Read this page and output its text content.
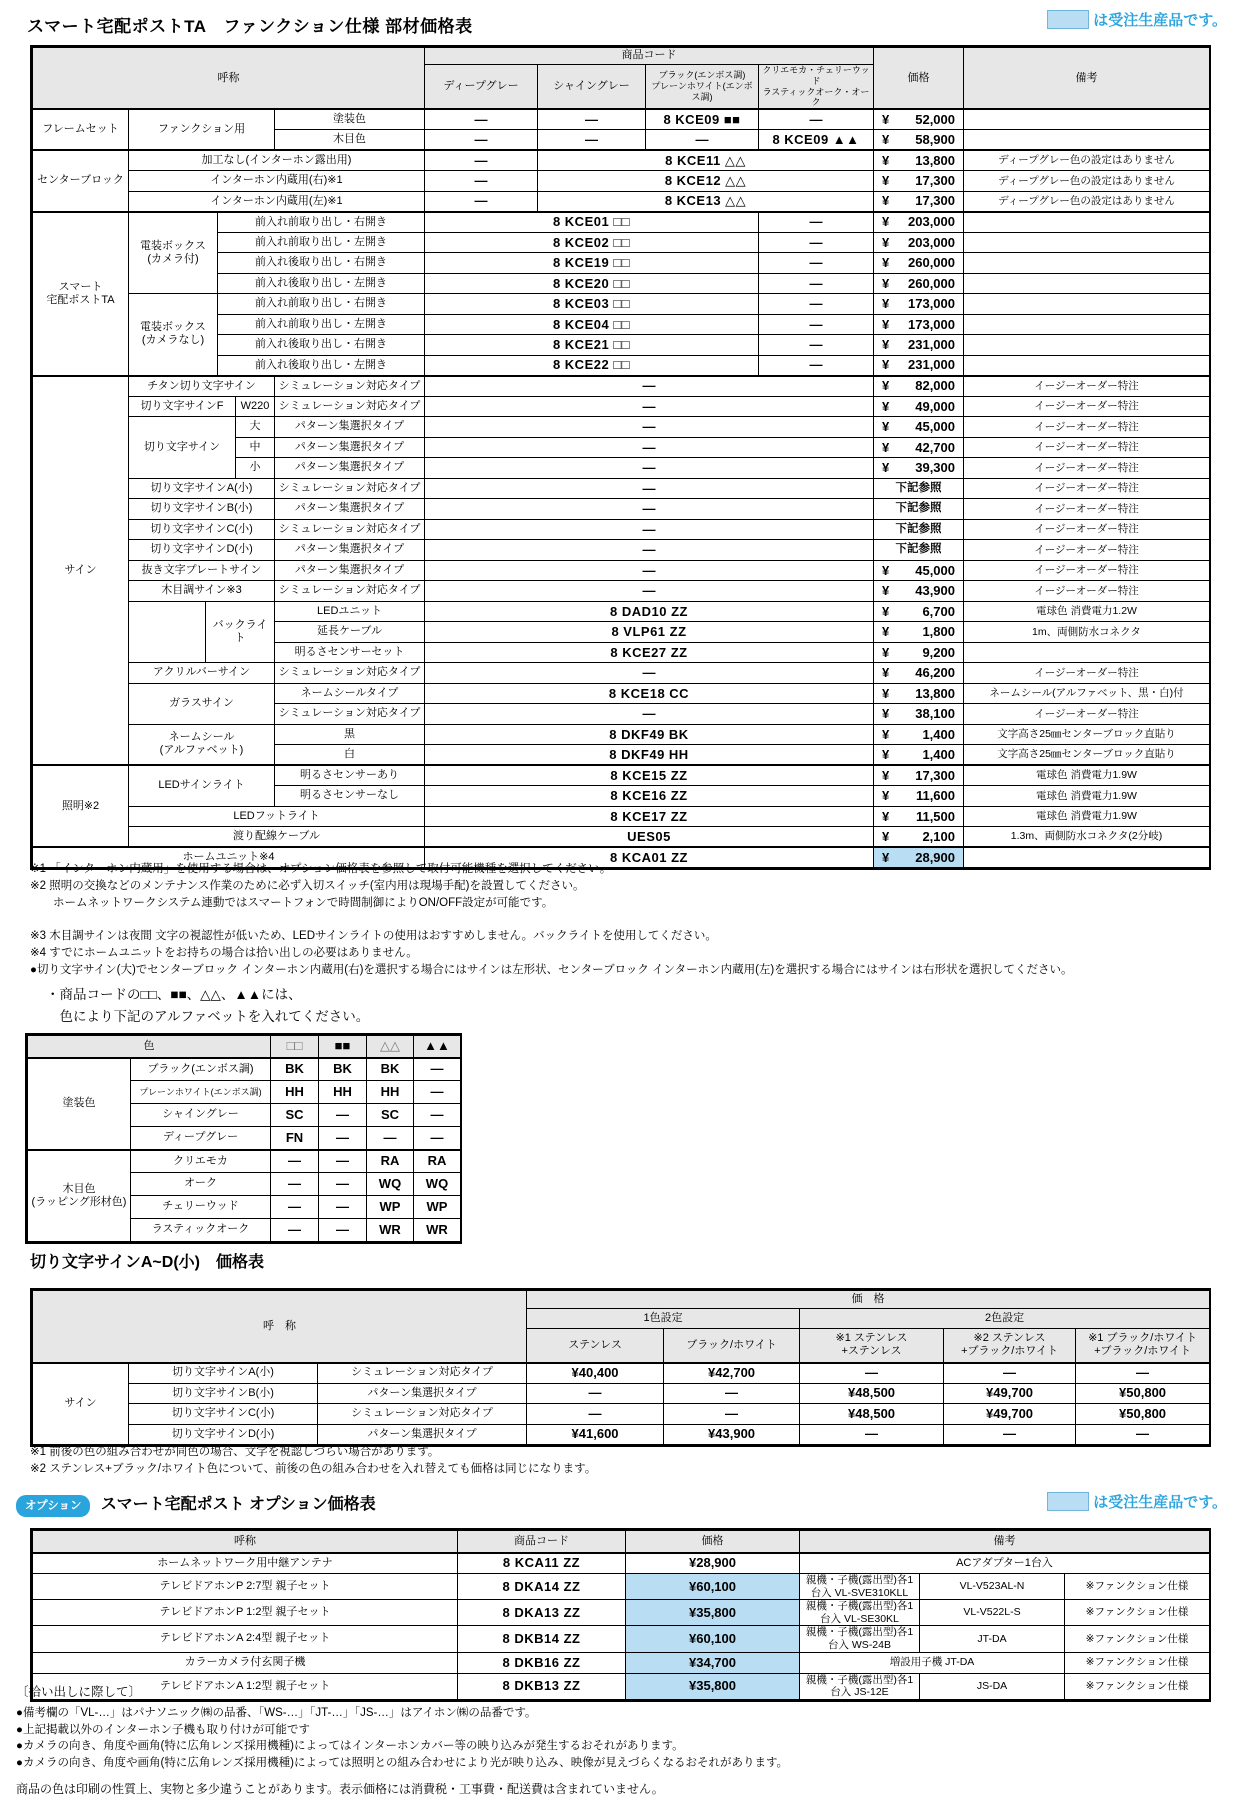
スマート宅配ポストTA　ファンクション仕様 部材価格表	は受注生産品です。
呼称						商品コード				価格	備考
						ディープグレー	シャイングレー	ブラック(エンボス調)
プレーンホワイト(エンボス調)	クリエモカ・チェリーウッド
ラスティックオーク・オーク		
フレームセット	ファンクション用				塗装色	―	―	8 KCE09 ■■	―	¥ 52,000	

					木目色	―	―	―	8 KCE09 ▲▲	¥ 58,900	

センターブロック	加工なし(インターホン露出用)					―	8 KCE11 △△			¥ 13,800	ディープグレー色の設定はありません
	インターホン内蔵用(右)※1					―	8 KCE12 △△			¥ 17,300	ディープグレー色の設定はありません
	インターホン内蔵用(左)※1					―	8 KCE13 △△			¥ 17,300	ディープグレー色の設定はありません
スマート
宅配ポストTA	電装ボックス
(カメラ付)		前入れ前取り出し・右開き			8 KCE01 □□			―	¥ 203,000	

			前入れ前取り出し・左開き			8 KCE02 □□			―	¥ 203,000	

			前入れ後取り出し・右開き			8 KCE19 □□			―	¥ 260,000	

			前入れ後取り出し・左開き			8 KCE20 □□			―	¥ 260,000	

	電装ボックス
(カメラなし)		前入れ前取り出し・右開き			8 KCE03 □□			―	¥ 173,000	

			前入れ前取り出し・左開き			8 KCE04 □□			―	¥ 173,000	

			前入れ後取り出し・右開き			8 KCE21 □□			―	¥ 231,000	

			前入れ後取り出し・左開き			8 KCE22 □□			―	¥ 231,000	

サイン	チタン切り文字サイン				シミュレーション対応タイプ	―				¥ 82,000	イージーオーダー特注
	切り文字サインF			W220	シミュレーション対応タイプ	―				¥ 49,000	イージーオーダー特注
	切り文字サイン			大	パターン集選択タイプ	―				¥ 45,000	イージーオーダー特注
				中	パターン集選択タイプ	―				¥ 42,700	イージーオーダー特注
				小	パターン集選択タイプ	―				¥ 39,300	イージーオーダー特注
	切り文字サインA(小)				シミュレーション対応タイプ	―				下記参照	イージーオーダー特注
	切り文字サインB(小)				パターン集選択タイプ	―				下記参照	イージーオーダー特注
	切り文字サインC(小)				シミュレーション対応タイプ	―				下記参照	イージーオーダー特注
	切り文字サインD(小)				パターン集選択タイプ	―				下記参照	イージーオーダー特注
	抜き文字プレートサイン				パターン集選択タイプ	―				¥ 45,000	イージーオーダー特注
	木目調サイン※3				シミュレーション対応タイプ	―				¥ 43,900	イージーオーダー特注
		バックライト			LEDユニット	8 DAD10 ZZ				¥ 6,700	電球色 消費電力1.2W
					延長ケーブル	8 VLP61 ZZ				¥ 1,800	1m、両側防水コネクタ
					明るさセンサーセット	8 KCE27 ZZ				¥ 9,200	

	アクリルバーサイン				シミュレーション対応タイプ	―				¥ 46,200	イージーオーダー特注
	ガラスサイン				ネームシールタイプ	8 KCE18 CC				¥ 13,800	ネームシール(アルファベット、黒・白)付
					シミュレーション対応タイプ	―				¥ 38,100	イージーオーダー特注
	ネームシール
(アルファベット)				黒	8 DKF49 BK				¥ 1,400	文字高さ25㎜センターブロック直貼り
					白	8 DKF49 HH				¥ 1,400	文字高さ25㎜センターブロック直貼り
照明※2	LEDサインライト				明るさセンサーあり	8 KCE15 ZZ				¥ 17,300	電球色 消費電力1.9W
					明るさセンサーなし	8 KCE16 ZZ				¥ 11,600	電球色 消費電力1.9W
	LEDフットライト					8 KCE17 ZZ				¥ 11,500	電球色 消費電力1.9W
	渡り配線ケーブル					UES05				¥ 2,100	1.3m、両側防水コネクタ(2分岐)
ホームユニット※4						8 KCA01 ZZ				¥ 28,900	

※1 「インターホン内蔵用」を使用する場合は、オプション価格表を参照して取付可能機種を選択してください。
※2 照明の交換などのメンテナンス作業のために必ず入切スイッチ(室内用は現場手配)を設置してください。
　　ホームネットワークシステム連動ではスマートフォンで時間制御によりON/OFF設定が可能です。
※3 木目調サインは夜間 文字の視認性が低いため、LEDサインライトの使用はおすすめしません。バックライトを使用してください。
※4 すでにホームユニットをお持ちの場合は拾い出しの必要はありません。
●切り文字サイン(大)でセンターブロック インターホン内蔵用(右)を選択する場合にはサインは左形状、センターブロック インターホン内蔵用(左)を選択する場合にはサインは右形状を選択してください。
・商品コードの□□、■■、△△、▲▲には、
　色により下記のアルファベットを入れてください。
色		□□	■■	△△	▲▲
塗装色	ブラック(エンボス調)	BK	BK	BK	―
	プレーンホワイト(エンボス調)	HH	HH	HH	―
	シャイングレー	SC	―	SC	―
	ディープグレー	FN	―	―	―
木目色
(ラッピング形材色)	クリエモカ	―	―	RA	RA
	オーク	―	―	WQ	WQ
	チェリーウッド	―	―	WP	WP
	ラスティックオーク	―	―	WR	WR
切り文字サインA~D(小)　価格表
呼　称			価　格				
			1色設定		2色設定		
			ステンレス	ブラック/ホワイト	※1 ステンレス
+ステンレス	※2 ステンレス
+ブラック/ホワイト	※1 ブラック/ホワイト
+ブラック/ホワイト
サイン	切り文字サインA(小)	シミュレーション対応タイプ	¥40,400	¥42,700	―	―	―
	切り文字サインB(小)	パターン集選択タイプ	―	―	¥48,500	¥49,700	¥50,800
	切り文字サインC(小)	シミュレーション対応タイプ	―	―	¥48,500	¥49,700	¥50,800
	切り文字サインD(小)	パターン集選択タイプ	¥41,600	¥43,900	―	―	―
※1 前後の色の組み合わせが同色の場合、文字を視認しづらい場合があります。
※2 ステンレス+ブラック/ホワイト色について、前後の色の組み合わせを入れ替えても価格は同じになります。
オプション スマート宅配ポスト オプション価格表	は受注生産品です。
呼称	商品コード	価格	備考		
ホームネットワーク用中継アンテナ	8 KCA11 ZZ	¥28,900	ACアダプター1台入		
テレビドアホンP 2:7型 親子セット	8 DKA14 ZZ	¥60,100	親機・子機(露出型)各1台入 VL-SVE310KLL	VL-V523AL-N	※ファンクション仕様
テレビドアホンP 1:2型 親子セット	8 DKA13 ZZ	¥35,800	親機・子機(露出型)各1台入 VL-SE30KL	VL-V522L-S	※ファンクション仕様
テレビドアホンA 2:4型 親子セット	8 DKB14 ZZ	¥60,100	親機・子機(露出型)各1台入 WS-24B	JT-DA	※ファンクション仕様
カラーカメラ付玄関子機	8 DKB16 ZZ	¥34,700	増設用子機 JT-DA		※ファンクション仕様
テレビドアホンA 1:2型 親子セット	8 DKB13 ZZ	¥35,800	親機・子機(露出型)各1台入 JS-12E	JS-DA	※ファンクション仕様
〔拾い出しに際して〕
●備考欄の「VL-…」はパナソニック㈱の品番、「WS-…」「JT-…」「JS-…」はアイホン㈱の品番です。
●上記掲載以外のインターホン子機も取り付けが可能です
●カメラの向き、角度や画角(特に広角レンズ採用機種)によってはインターホンカバー等の映り込みが発生するおそれがあります。
●カメラの向き、角度や画角(特に広角レンズ採用機種)によっては照明との組み合わせにより光が映り込み、映像が見えづらくなるおそれがあります。
商品の色は印刷の性質上、実物と多少違うことがあります。表示価格には消費税・工事費・配送費は含まれていません。
